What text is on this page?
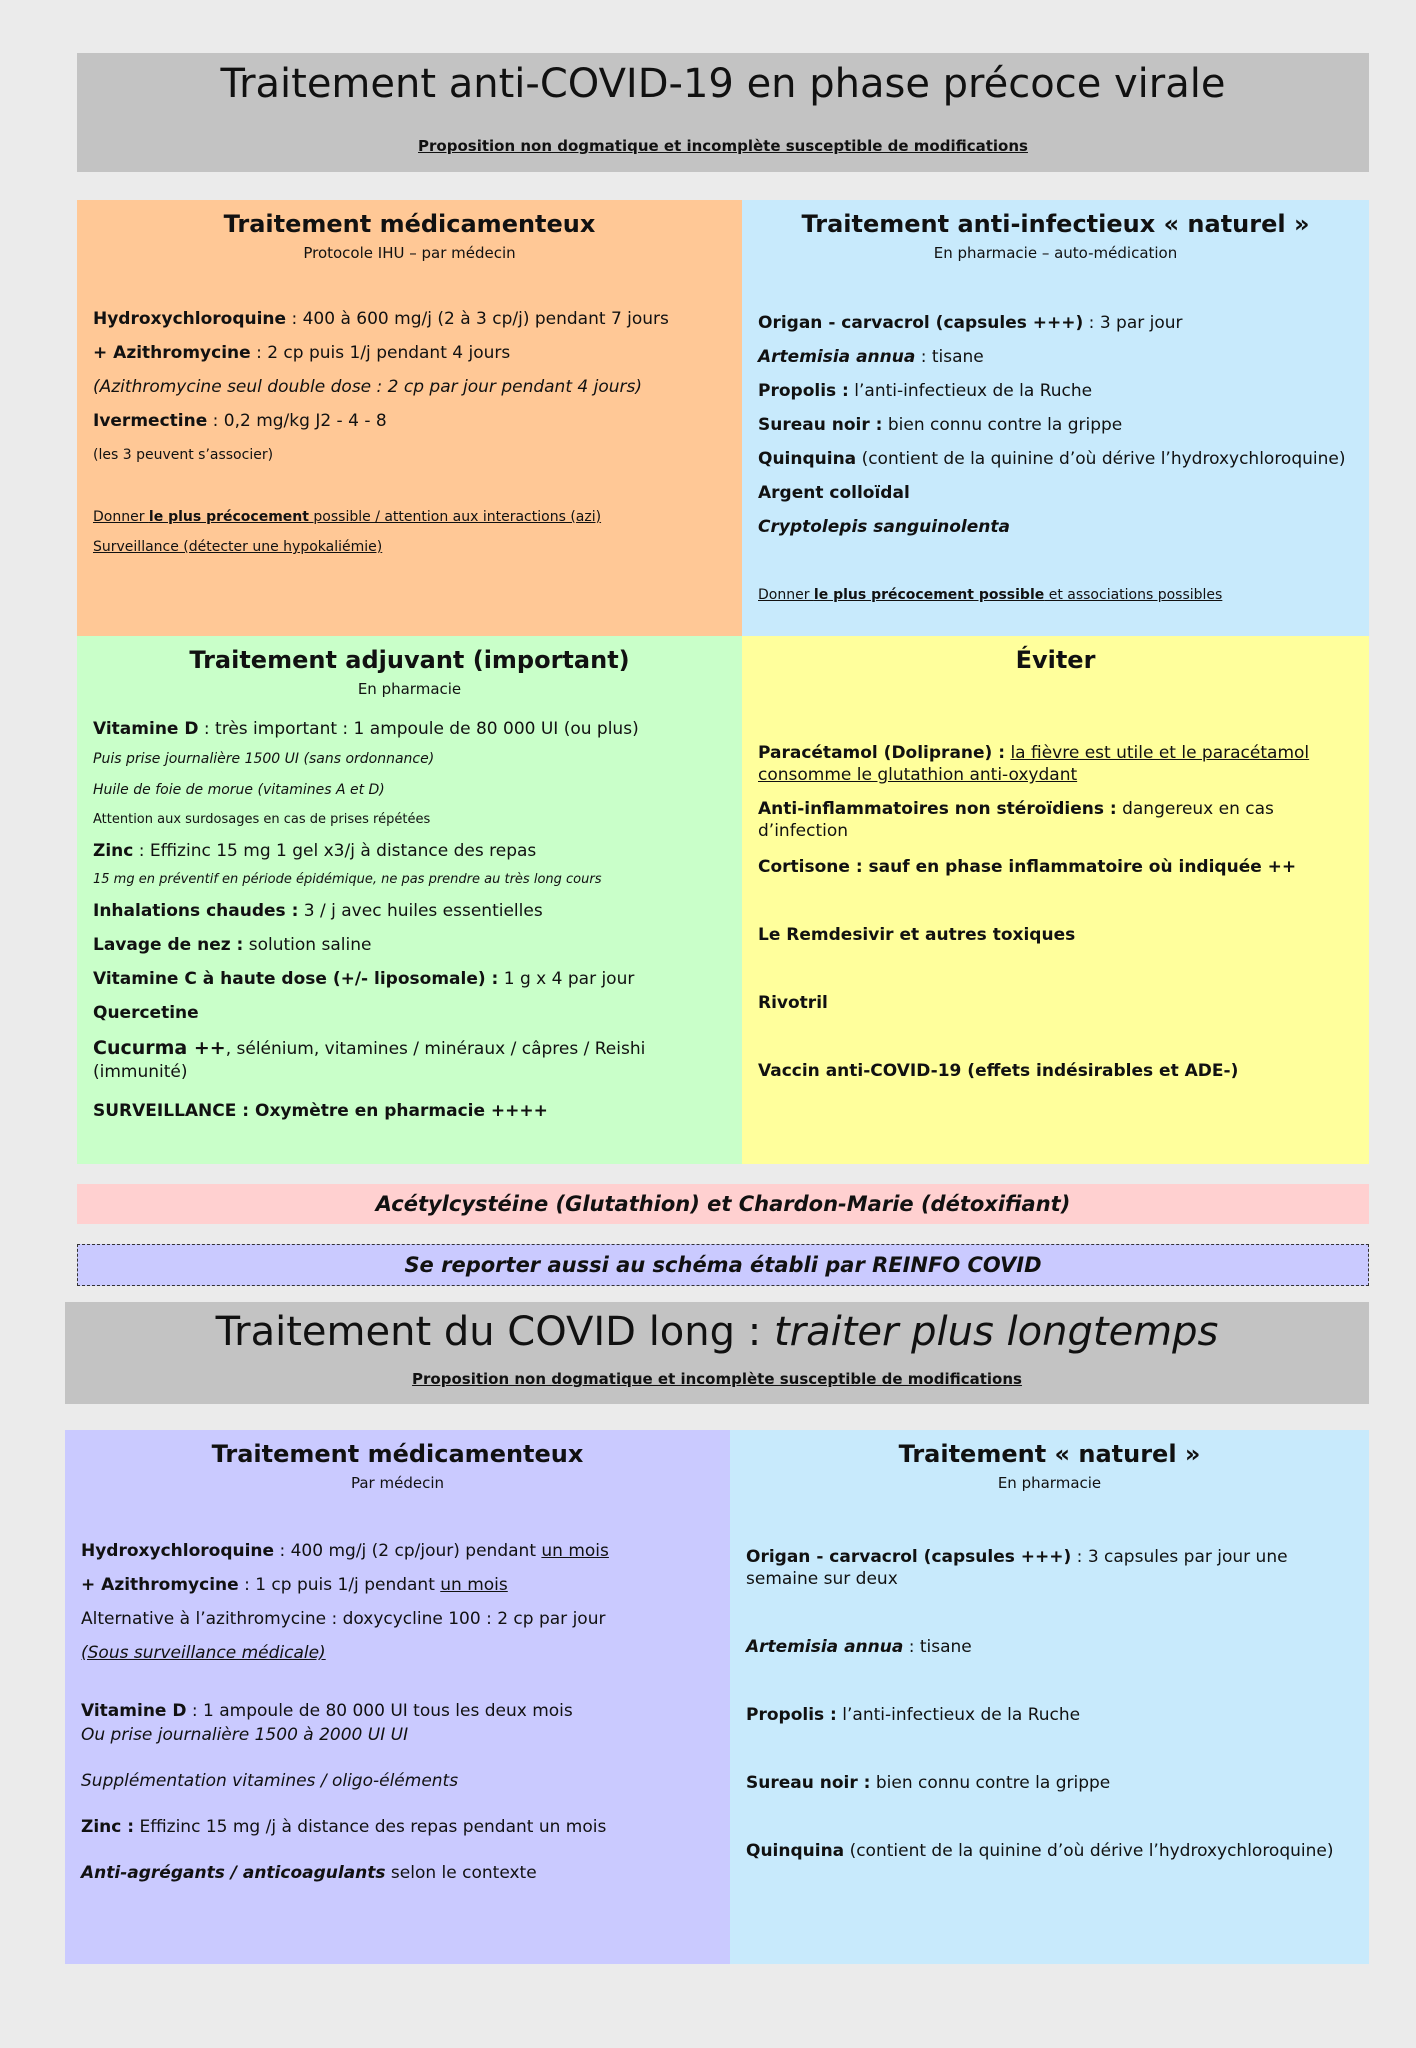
Traitement anti-COVID-19 en phase précoce virale
Proposition non dogmatique et incomplète susceptible de modifications
Traitement médicamenteux
Protocole IHU – par médecin
Hydroxychloroquine : 400 à 600 mg/j (2 à 3 cp/j) pendant 7 jours
+ Azithromycine : 2 cp puis 1/j pendant 4 jours
(Azithromycine seul double dose : 2 cp par jour pendant 4 jours)
Ivermectine : 0,2 mg/kg J2 - 4 - 8
(les 3 peuvent s’associer)
Donner le plus précocement possible / attention aux interactions (azi)
Surveillance (détecter une hypokaliémie)
Traitement anti-infectieux « naturel »
En pharmacie – auto-médication
Origan - carvacrol (capsules +++) : 3 par jour
Artemisia annua : tisane
Propolis : l’anti-infectieux de la Ruche
Sureau noir : bien connu contre la grippe
Quinquina (contient de la quinine d’où dérive l’hydroxychloroquine)
Argent colloïdal
Cryptolepis sanguinolenta
Donner le plus précocement possible et associations possibles
Traitement adjuvant (important)
En pharmacie
Vitamine D : très important : 1 ampoule de 80 000 UI (ou plus)
Puis prise journalière 1500 UI (sans ordonnance)
Huile de foie de morue (vitamines A et D)
Attention aux surdosages en cas de prises répétées
Zinc : Effizinc 15 mg 1 gel x3/j à distance des repas
15 mg en préventif en période épidémique, ne pas prendre au très long cours
Inhalations chaudes : 3 / j avec huiles essentielles
Lavage de nez : solution saline
Vitamine C à haute dose (+/- liposomale) : 1 g x 4 par jour
Quercetine
Cucurma ++, sélénium, vitamines / minéraux / câpres / Reishi (immunité)
SURVEILLANCE : Oxymètre en pharmacie ++++
Éviter
Paracétamol (Doliprane) : la fièvre est utile et le paracétamol consomme le glutathion anti-oxydant
Anti-inflammatoires non stéroïdiens : dangereux en cas d’infection
Cortisone : sauf en phase inflammatoire où indiquée ++
Le Remdesivir et autres toxiques
Rivotril
Vaccin anti-COVID-19 (effets indésirables et ADE-)
Acétylcystéine (Glutathion) et Chardon-Marie (détoxifiant)
Se reporter aussi au schéma établi par REINFO COVID
Traitement du COVID long : traiter plus longtemps
Proposition non dogmatique et incomplète susceptible de modifications
Traitement médicamenteux
Par médecin
Hydroxychloroquine : 400 mg/j (2 cp/jour) pendant un mois
+ Azithromycine : 1 cp puis 1/j pendant un mois
Alternative à l’azithromycine : doxycycline 100 : 2 cp par jour
(Sous surveillance médicale)
Vitamine D : 1 ampoule de 80 000 UI tous les deux mois
Ou prise journalière 1500 à 2000 UI UI
Supplémentation vitamines / oligo-éléments
Zinc : Effizinc 15 mg /j à distance des repas pendant un mois
Anti-agrégants / anticoagulants selon le contexte
Traitement « naturel »
En pharmacie
Origan - carvacrol (capsules +++) : 3 capsules par jour une semaine sur deux
Artemisia annua : tisane
Propolis : l’anti-infectieux de la Ruche
Sureau noir : bien connu contre la grippe
Quinquina (contient de la quinine d’où dérive l’hydroxychloroquine)
